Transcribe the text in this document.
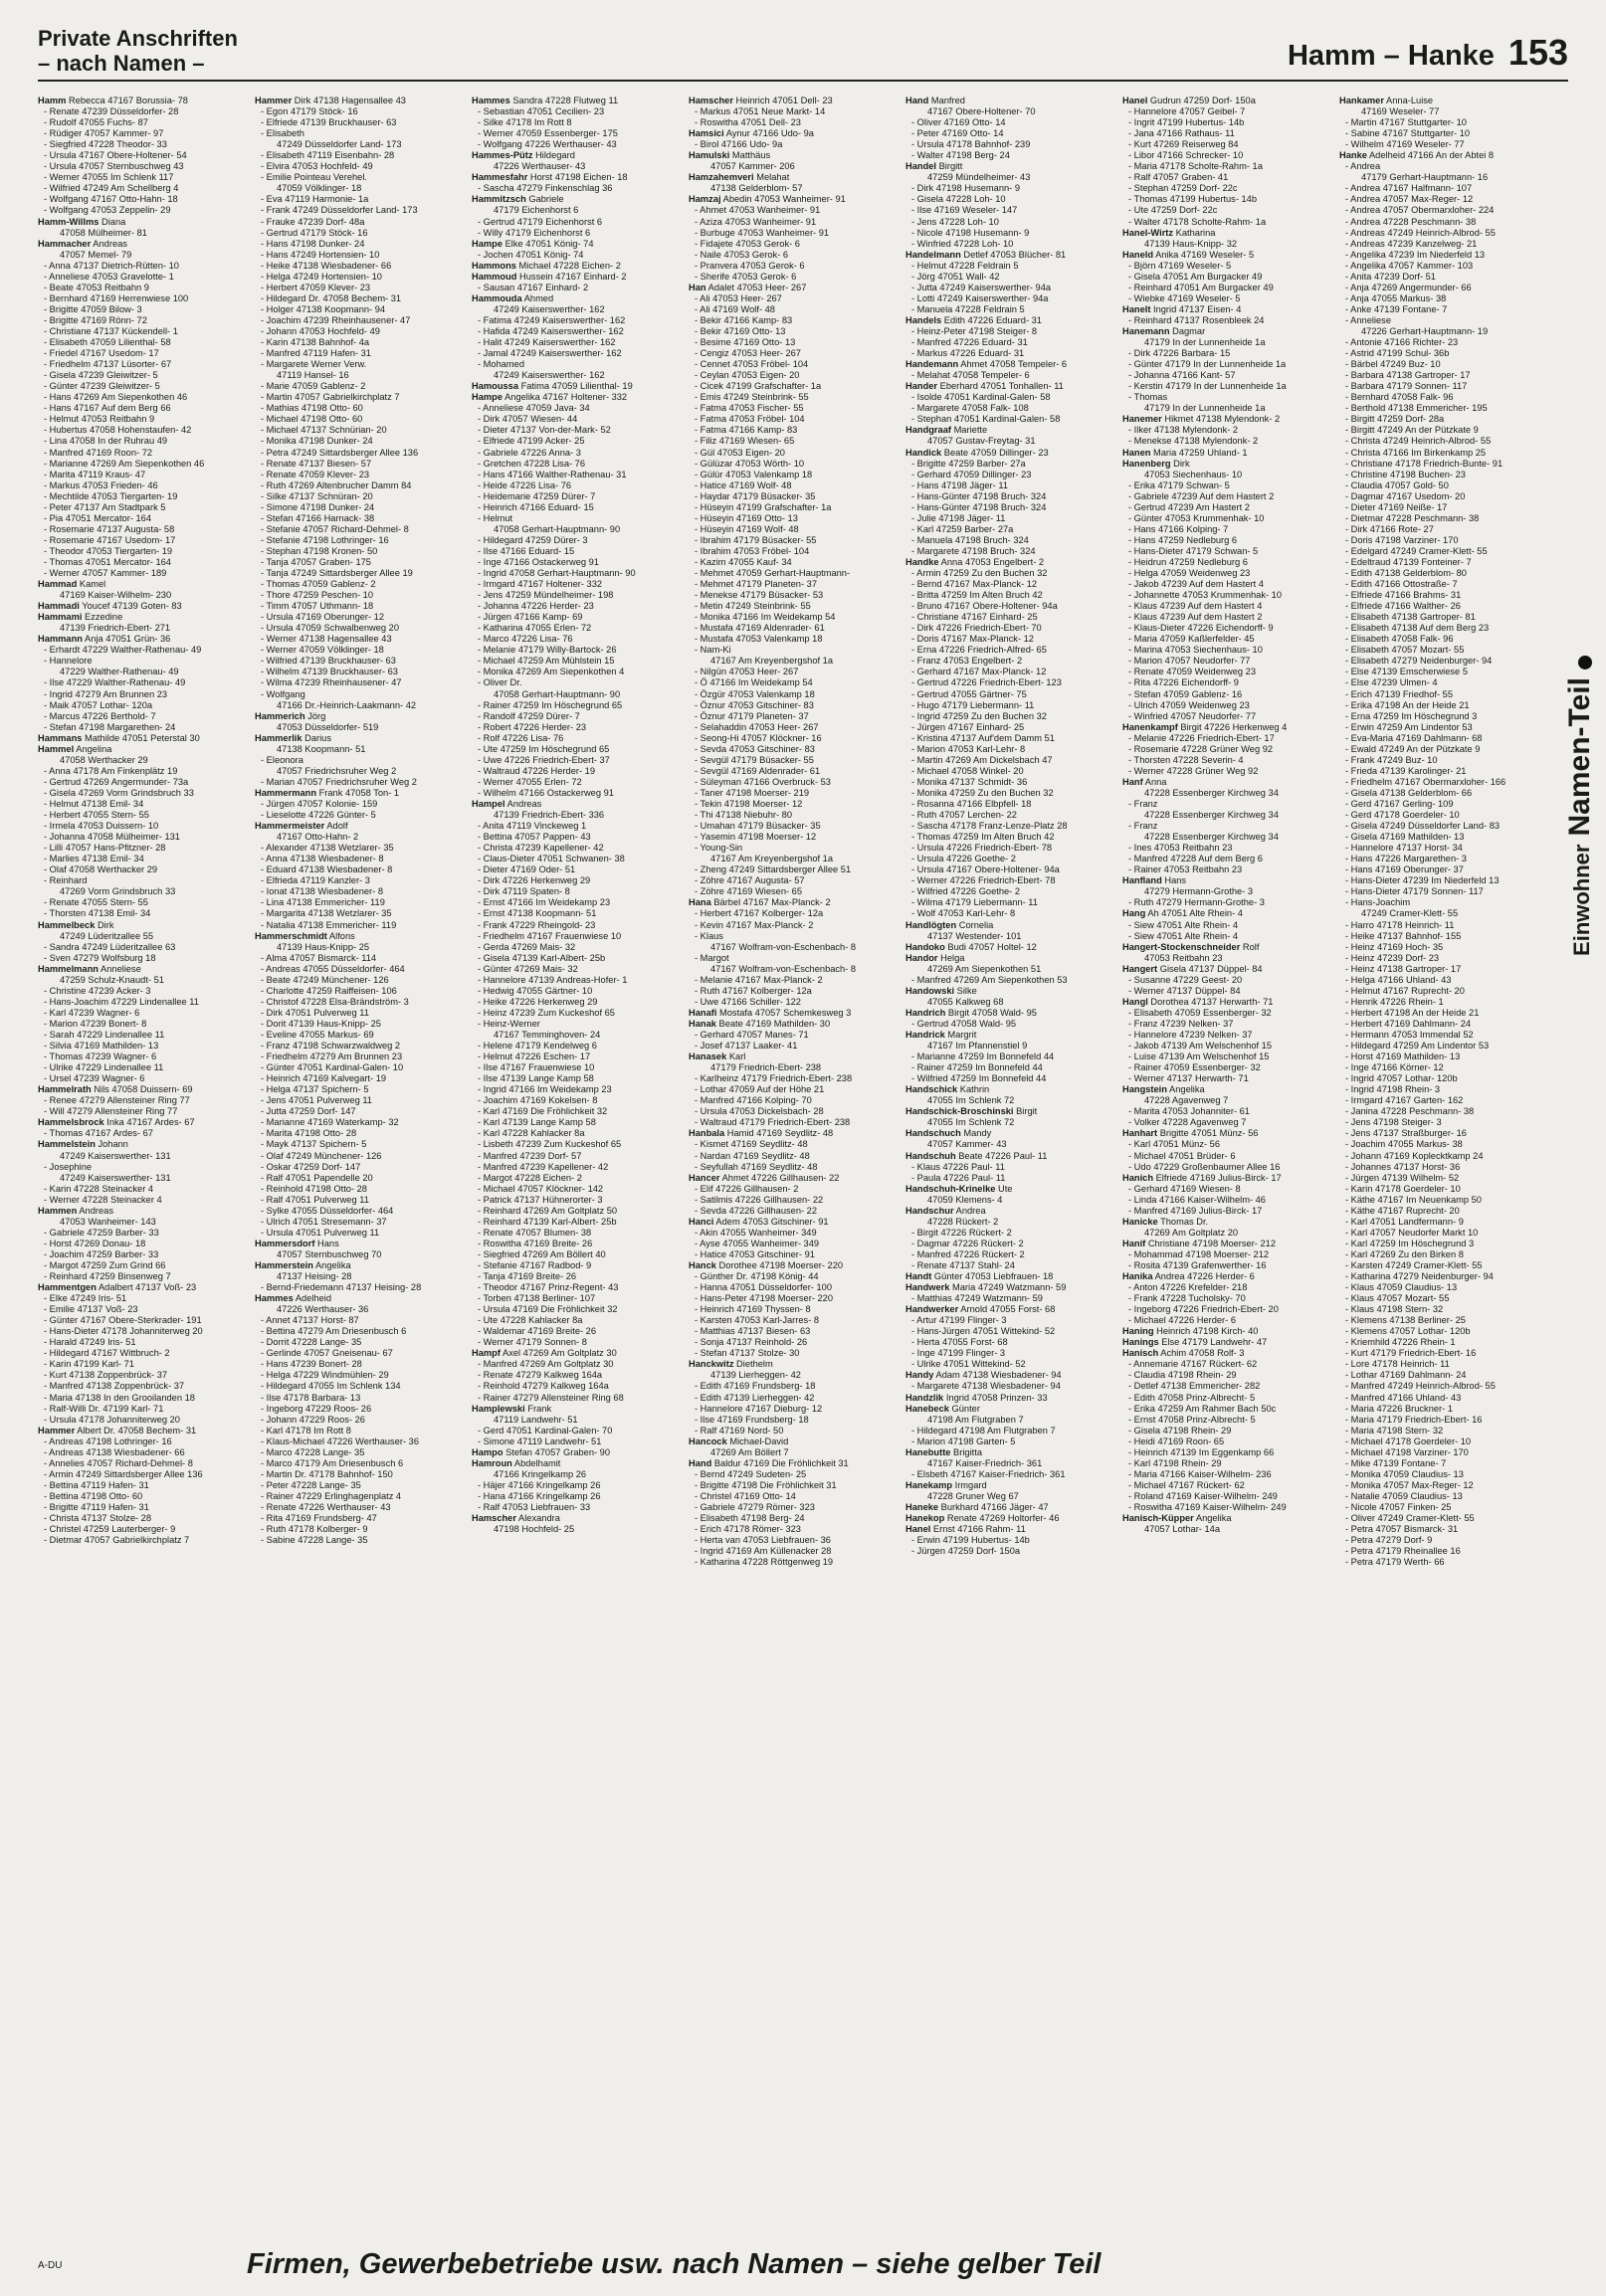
Private Anschriften
– nach Namen –	Hamm – Hanke 153
Hamm Rebecca 47167 Borussia- 78
- Renate 47239 Düsseldorfer- 28
- Rudolf 47055 Fuchs- 87
- Rüdiger 47057 Kammer- 97
- Siegfried 47228 Theodor- 33
- Ursula 47167 Obere-Holtener- 54
- Ursula 47057 Sternbuschweg 43
- Werner 47055 Im Schlenk 117
- Wilfried 47249 Am Schellberg 4
- Wolfgang 47167 Otto-Hahn- 18
- Wolfgang 47053 Zeppelin- 29
Hamm-Willms Diana
47058 Mülheimer- 81
Hammacher Andreas
47057 Memel- 79
- Anna 47137 Dietrich-Rütten- 10
- Anneliese 47053 Gravelotte- 1
- Beate 47053 Reitbahn 9
- Bernhard 47169 Herrenwiese 100
- Brigitte 47059 Bilow- 3
- Brigitte 47169 Rönn- 72
- Christiane 47137 Kückendell- 1
- Elisabeth 47059 Lilienthal- 58
- Friedel 47167 Usedom- 17
- Friedhelm 47137 Lüsorter- 67
- Gisela 47239 Gleiwitzer- 5
- Günter 47239 Gleiwitzer- 5
- Hans 47269 Am Siepenkothen 46
- Hans 47167 Auf dem Berg 66
- Helmut 47053 Reitbahn 9
- Hubertus 47058 Hohenstaufen- 42
- Lina 47058 In der Ruhrau 49
- Manfred 47169 Roon- 72
- Marianne 47269 Am Siepenkothen 46
- Marita 47119 Kraus- 47
- Markus 47053 Frieden- 46
- Mechtilde 47053 Tiergarten- 19
- Peter 47137 Am Stadtpark 5
- Pia 47051 Mercator- 164
- Rosemarie 47137 Augusta- 58
- Rosemarie 47167 Usedom- 17
- Theodor 47053 Tiergarten- 19
- Thomas 47051 Mercator- 164
- Werner 47057 Kammer- 189
Hammad Kamel
47169 Kaiser-Wilhelm- 230
Hammadi Youcef 47139 Goten- 83
Hammami Ezzedine
47139 Friedrich-Ebert- 271
Hammann Anja 47051 Grün- 36
- Erhardt 47229 Walther-Rathenau- 49
- Hannelore
47229 Walther-Rathenau- 49
- Ilse 47229 Walther-Rathenau- 49
- Ingrid 47279 Am Brunnen 23
- Maik 47057 Lothar- 120a
- Marcus 47226 Berthold- 7
- Stefan 47198 Margarethen- 24
Hammans Mathilde 47051 Peterstal 30
Hammel Angelina
47058 Werthacker 29
- Anna 47178 Am Finkenplätz 19
- Gertrud 47269 Angermunder- 73a
- Gisela 47269 Vorm Grindsbruch 33
- Helmut 47138 Emil- 34
- Herbert 47055 Stern- 55
- Irmela 47053 Duissern- 10
- Johanna 47058 Mülheimer- 131
- Lilli 47057 Hans-Pfitzner- 28
- Marlies 47138 Emil- 34
- Olaf 47058 Werthacker 29
- Reinhard
47269 Vorm Grindsbruch 33
- Renate 47055 Stern- 55
- Thorsten 47138 Emil- 34
Hammelbeck Dirk
47249 Lüderitzallee 55
- Sandra 47249 Lüderitzallee 63
- Sven 47279 Wolfsburg 18
Hammelmann Anneliese
47259 Schulz-Knaudt- 51
- Christine 47239 Acker- 3
- Hans-Joachim 47229 Lindenallee 11
- Karl 47239 Wagner- 6
- Marion 47239 Bonert- 8
- Sarah 47229 Lindenallee 11
- Silvia 47169 Mathilden- 13
- Thomas 47239 Wagner- 6
- Ulrike 47229 Lindenallee 11
- Ursel 47239 Wagner- 6
Hammelrath Nils 47058 Duissern- 69
- Renee 47279 Allensteiner Ring 77
- Will 47279 Allensteiner Ring 77
Hammelsbrock Inka 47167 Ardes- 67
- Thomas 47167 Ardes- 67
Hammelstein Johann
47249 Kaiserswerther- 131
- Josephine
47249 Kaiserswerther- 131
- Karin 47228 Steinacker 4
- Werner 47228 Steinacker 4
Hammen Andreas
47053 Wanheimer- 143
- Gabriele 47259 Barber- 33
- Horst 47269 Donau- 18
- Joachim 47259 Barber- 33
- Margot 47259 Zum Grind 66
- Reinhard 47259 Binsenweg 7
Hammentgen Adalbert 47137 Voß- 23
- Elke 47249 Iris- 51
- Emilie 47137 Voß- 23
- Günter 47167 Obere-Sterkrader- 191
- Hans-Dieter 47178 Johanniterweg 20
- Harald 47249 Iris- 51
- Hildegard 47167 Wittbruch- 2
- Karin 47199 Karl- 71
- Kurt 47138 Zoppenbrück- 37
- Manfred 47138 Zoppenbrück- 37
- Maria 47138 In den Grooilanden 18
- Ralf-Willi Dr. 47199 Karl- 71
- Ursula 47178 Johanniterweg 20
Hammer Albert Dr. 47058 Bechem- 31
- Andreas 47198 Lothringer- 16
- Andreas 47138 Wiesbadener- 66
- Annelies 47057 Richard-Dehmel- 8
- Armin 47249 Sittardsberger Allee 136
- Bettina 47119 Hafen- 31
- Bettina 47198 Otto- 60
- Brigitte 47119 Hafen- 31
- Christa 47137 Stolze- 28
- Christel 47259 Lauterberger- 9
- Dietmar 47057 Gabrielkirchplatz 7
Hammer Dirk 47138 Hagensallee 43
- Egon 47179 Stöck- 16
- Elfriede 47139 Bruckhauser- 63
- Elisabeth
47249 Düsseldorfer Land- 173
- Elisabeth 47119 Eisenbahn- 28
- Elvira 47053 Hochfeld- 49
- Emilie Pointeau Verehel.
47059 Völklinger- 18
- Eva 47119 Harmonie- 1a
- Frank 47249 Düsseldorfer Land- 173
- Frauke 47239 Dorf- 48a
- Gertrud 47179 Stöck- 16
- Hans 47198 Dunker- 24
- Hans 47249 Hortensien- 10
- Heike 47138 Wiesbadener- 66
- Helga 47249 Hortensien- 10
- Herbert 47059 Klever- 23
- Hildegard Dr. 47058 Bechem- 31
- Holger 47138 Koopmann- 94
- Joachim 47239 Rheinhausener- 47
- Johann 47053 Hochfeld- 49
- Karin 47138 Bahnhof- 4a
- Manfred 47119 Hafen- 31
- Margarete Werner Verw.
47119 Hansel- 16
- Marie 47059 Gablenz- 2
- Martin 47057 Gabrielkirchplatz 7
- Mathias 47198 Otto- 60
- Michael 47198 Otto- 60
- Michael 47137 Schnürian- 20
- Monika 47198 Dunker- 24
- Petra 47249 Sittardsberger Allee 136
- Renate 47137 Biesen- 57
- Renate 47059 Klever- 23
- Ruth 47269 Altenbrucher Damm 84
- Silke 47137 Schnüran- 20
- Simone 47198 Dunker- 24
- Stefan 47166 Harnack- 38
- Stefanie 47057 Richard-Dehmel- 8
- Stefanie 47198 Lothringer- 16
- Stephan 47198 Kronen- 50
- Tanja 47057 Graben- 175
- Tanja 47249 Sittardsberger Allee 19
- Thomas 47059 Gablenz- 2
- Thore 47259 Peschen- 10
- Timm 47057 Uthmann- 18
- Ursula 47169 Oberunger- 12
- Ursula 47059 Schwalbenweg 20
- Werner 47138 Hagensallee 43
- Werner 47059 Völklinger- 18
- Wilfried 47139 Bruckhauser- 63
- Wilhelm 47139 Bruckhauser- 63
- Wilma 47239 Rheinhausener- 47
- Wolfgang
47166 Dr.-Heinrich-Laakmann- 42
Hammerich Jörg
47053 Düsseldorfer- 519
Hammerlik Darius
47138 Koopmann- 51
- Eleonora
47057 Friedrichsruher Weg 2
- Marian 47057 Friedrichsruher Weg 2
Hammermann Frank 47058 Ton- 1
- Jürgen 47057 Kolonie- 159
- Lieselotte 47226 Günter- 5
Hammermeister Adolf
47167 Otto-Hahn- 2
- Alexander 47138 Wetzlarer- 35
- Anna 47138 Wiesbadener- 8
- Eduard 47138 Wiesbadener- 8
- Elfrieda 47119 Kanzler- 3
- Ionat 47138 Wiesbadener- 8
- Lina 47138 Emmericher- 119
- Margarita 47138 Wetzlarer- 35
- Natalia 47138 Emmericher- 119
Hammerschmidt Alfons
47139 Haus-Knipp- 25
- Alma 47057 Bismarck- 114
- Andreas 47055 Düsseldorfer- 464
- Beate 47249 Münchener- 126
- Charlotte 47259 Raiffeisen- 106
- Christof 47228 Elsa-Brändström- 3
- Dirk 47051 Pulverweg 11
- Dorit 47139 Haus-Knipp- 25
- Eveline 47055 Markus- 69
- Franz 47198 Schwarzwaldweg 2
- Friedhelm 47279 Am Brunnen 23
- Günter 47051 Kardinal-Galen- 10
- Heinrich 47169 Kalvegart- 19
- Helga 47137 Spichern- 5
- Jens 47051 Pulverweg 11
- Jutta 47259 Dorf- 147
- Marianne 47169 Waterkamp- 32
- Marita 47198 Otto- 28
- Mayk 47137 Spichern- 5
- Olaf 47249 Münchener- 126
- Oskar 47259 Dorf- 147
- Ralf 47051 Papendelle 20
- Reinhold 47198 Otto- 28
- Ralf 47051 Pulverweg 11
- Sylke 47055 Düsseldorfer- 464
- Ulrich 47051 Stresemann- 37
- Ursula 47051 Pulverweg 11
Hammersdorf Hans
47057 Sternbuschweg 70
Hammerstein Angelika
47137 Heising- 28
- Bernd-Friedemann 47137 Heising- 28
Hammes Adelheid
47226 Werthauser- 36
- Annet 47137 Horst- 87
- Bettina 47279 Am Driesenbusch 6
- Dorrit 47228 Lange- 35
- Gerlinde 47057 Gneisenau- 67
- Hans 47239 Bonert- 28
- Helga 47229 Windmühlen- 29
- Hildegard 47055 Im Schlenk 134
- Ilse 47178 Barbara- 13
- Ingeborg 47229 Roos- 26
- Johann 47229 Roos- 26
- Karl 47178 Im Rott 8
- Klaus-Michael 47226 Werthauser- 36
- Marco 47228 Lange- 35
- Marco 47179 Am Driesenbusch 6
- Martin Dr. 47178 Bahnhof- 150
- Peter 47228 Lange- 35
- Rainer 47229 Erlinghagenplatz 4
- Renate 47226 Werthauser- 43
- Rita 47169 Frundsberg- 47
- Ruth 47178 Kolberger- 9
- Sabine 47228 Lange- 35
Hammes Sandra 47228 Flutweg 11
- Sebastian 47051 Cecilien- 23
- Silke 47178 Im Rott 8
- Werner 47059 Essenberger- 175
- Wolfgang 47226 Werthauser- 43
Hammes-Pütz Hildegard
47226 Werthauser- 43
Hammesfahr Horst 47198 Eichen- 18
- Sascha 47279 Finkenschlag 36
Hammitzsch Gabriele
47179 Eichenhorst 6
- Gertrud 47179 Eichenhorst 6
- Willy 47179 Eichenhorst 6
Hampe Elke 47051 König- 74
- Jochen 47051 König- 74
Hammons Michael 47228 Eichen- 2
Hammoud Hussein 47167 Einhard- 2
- Sausan 47167 Einhard- 2
Hammouda Ahmed
47249 Kaiserswerther- 162
- Fatima 47249 Kaiserswerther- 162
- Hafida 47249 Kaiserswerther- 162
- Halit 47249 Kaiserswerther- 162
- Jamal 47249 Kaiserswerther- 162
- Mohamed
47249 Kaiserswerther- 162
Hamoussa Fatima 47059 Lilienthal- 19
Hampe Angelika 47167 Holtener- 332
- Anneliese 47059 Java- 34
- Dirk 47057 Wiesen- 44
- Dieter 47137 Von-der-Mark- 52
- Elfriede 47199 Acker- 25
- Gabriele 47226 Anna- 3
- Gretchen 47228 Lisa- 76
- Hans 47166 Walther-Rathenau- 31
- Heide 47226 Lisa- 76
- Heidemarie 47259 Dürer- 7
- Heinrich 47166 Eduard- 15
- Helmut
47058 Gerhart-Hauptmann- 90
- Hildegard 47259 Dürer- 3
- Ilse 47166 Eduard- 15
- Inge 47166 Ostackerweg 91
- Ingrid 47058 Gerhart-Hauptmann- 90
- Irmgard 47167 Holtener- 332
- Jens 47259 Mündelheimer- 198
- Johanna 47226 Herder- 23
- Jürgen 47166 Kamp- 69
- Katharina 47055 Erlen- 72
- Marco 47226 Lisa- 76
- Melanie 47179 Willy-Bartock- 26
- Michael 47259 Am Mühlstein 15
- Monika 47269 Am Siepenkothen 4
- Oliver Dr.
47058 Gerhart-Hauptmann- 90
- Rainer 47259 Im Höschegrund 65
- Randolf 47259 Dürer- 7
- Robert 47226 Herder- 23
- Rolf 47226 Lisa- 76
- Ute 47259 Im Höschegrund 65
- Uwe 47226 Friedrich-Ebert- 37
- Waltraud 47226 Herder- 19
- Werner 47055 Erlen- 72
- Wilhelm 47166 Ostackerweg 91
Hampel Andreas
47139 Friedrich-Ebert- 336
- Anita 47119 Vinckeweg 1
- Bettina 47057 Pappen- 43
- Christa 47239 Kapellener- 42
- Claus-Dieter 47051 Schwanen- 38
- Dieter 47169 Oder- 51
- Dirk 47226 Herkenweg 29
- Dirk 47119 Spaten- 8
- Ernst 47166 Im Weidekamp 23
- Ernst 47138 Koopmann- 51
- Frank 47229 Rheingold- 23
- Friedhelm 47167 Frauenwiese 10
- Gerda 47269 Mais- 32
- Gisela 47139 Karl-Albert- 25b
- Günter 47269 Mais- 32
- Hannelore 47139 Andreas-Hofer- 1
- Hedwig 47055 Gärtner- 10
- Heike 47226 Herkenweg 29
- Heinz 47239 Zum Kuckeshof 65
- Heinz-Werner
47167 Temminghoven- 24
- Helene 47179 Kendelweg 6
- Helmut 47226 Eschen- 17
- Ilse 47167 Frauenwiese 10
- Ilse 47139 Lange Kamp 58
- Ingrid 47166 Im Weidekamp 23
- Joachim 47169 Kokelsen- 8
- Karl 47169 Die Fröhlichkeit 32
- Karl 47139 Lange Kamp 58
- Karl 47228 Kahlacker 8a
- Lisbeth 47239 Zum Kuckeshof 65
- Manfred 47239 Dorf- 57
- Manfred 47239 Kapellener- 42
- Margot 47228 Eichen- 2
- Michael 47057 Klöckner- 142
- Patrick 47137 Hühnerorter- 3
- Reinhard 47269 Am Goltplatz 50
- Reinhard 47139 Karl-Albert- 25b
- Renate 47057 Blumen- 38
- Roswitha 47169 Breite- 26
- Siegfried 47269 Am Böllert 40
- Stefanie 47167 Radbod- 9
- Tanja 47169 Breite- 26
- Theodor 47167 Prinz-Regent- 43
- Torben 47138 Berliner- 107
- Ursula 47169 Die Fröhlichkeit 32
- Ute 47228 Kahlacker 8a
- Waldemar 47169 Breite- 26
- Werner 47179 Sonnen- 8
Hampf Axel 47269 Am Goltplatz 30
- Manfred 47269 Am Goltplatz 30
- Renate 47279 Kalkweg 164a
- Reinhold 47279 Kalkweg 164a
- Rainer 47279 Allensteiner Ring 68
Hamplewski Frank
47119 Landwehr- 51
- Gerd 47051 Kardinal-Galen- 70
- Simone 47119 Landwehr- 51
Hampo Stefan 47057 Graben- 90
Hamroun Abdelhamit
47166 Kringelkamp 26
- Häjer 47166 Kringelkamp 26
- Hana 47166 Kringelkamp 26
- Ralf 47053 Liebfrauen- 33
Hamscher Alexandra
47198 Hochfeld- 25
Hamscher Heinrich 47051 Dell- 23
- Markus 47051 Neue Markt- 14
- Roswitha 47051 Dell- 23
Hamsici Aynur 47166 Udo- 9a
- Birol 47166 Udo- 9a
Hamulski Matthäus
47057 Kammer- 206
Hamzahemveri Melahat
47138 Gelderblom- 57
Hamzaj Abedin 47053 Wanheimer- 91
- Ahmet 47053 Wanheimer- 91
- Aziza 47053 Wanheimer- 91
- Burbuge 47053 Wanheimer- 91
- Fidajete 47053 Gerok- 6
- Naile 47053 Gerok- 6
- Pranvera 47053 Gerok- 6
- Sherife 47053 Gerok- 6
Han Adalet 47053 Heer- 267
- Ali 47053 Heer- 267
- Ali 47169 Wolf- 48
- Bekir 47166 Kamp- 83
- Bekir 47169 Otto- 13
- Besime 47169 Otto- 13
- Cengiz 47053 Heer- 267
- Cennet 47053 Fröbel- 104
- Ceylan 47053 Eigen- 20
- Cicek 47199 Grafschafter- 1a
- Emis 47249 Steinbrink- 55
- Fatma 47053 Fischer- 55
- Fatma 47053 Fröbel- 104
- Fatma 47166 Kamp- 83
- Filiz 47169 Wiesen- 65
- Gül 47053 Eigen- 20
- Gülüzar 47053 Wörth- 10
- Gülür 47053 Valenkamp 18
- Hatice 47169 Wolf- 48
- Haydar 47179 Büsacker- 35
- Hüseyin 47199 Grafschafter- 1a
- Hüseyin 47169 Otto- 13
- Hüseyin 47169 Wolf- 48
- Ibrahim 47179 Büsacker- 55
- Ibrahim 47053 Fröbel- 104
- Kazim 47055 Kauf- 34
- Mehmet 47059 Gerhart-Hauptmann-
- Mehmet 47179 Planeten- 37
- Menekse 47179 Büsacker- 53
- Metin 47249 Steinbrink- 55
- Monika 47166 Im Weidekamp 54
- Mustafa 47169 Aldenrader- 61
- Mustafa 47053 Valenkamp 18
- Nam-Ki
47167 Am Kreyenbergshof 1a
- Nilgün 47053 Heer- 267
- Ö 47166 Im Weidekamp 54
- Özgür 47053 Valenkamp 18
- Öznur 47053 Gitschiner- 83
- Öznur 47179 Planeten- 37
- Selahaddin 47053 Heer- 267
- Seong-Hi 47057 Klöckner- 16
- Sevda 47053 Gitschiner- 83
- Sevgül 47179 Büsacker- 55
- Sevgül 47169 Aldenrader- 61
- Süleyman 47166 Overbruck- 53
- Taner 47198 Moerser- 219
- Tekin 47198 Moerser- 12
- Thi 47138 Niebuhr- 80
- Umahan 47179 Büsacker- 35
- Yasemin 47198 Moerser- 12
- Young-Sin
47167 Am Kreyenbergshof 1a
- Zheng 47249 Sittardsberger Allee 51
- Zöhre 47167 Augusta- 57
- Zöhre 47169 Wiesen- 65
Hana Bärbel 47167 Max-Planck- 2
- Herbert 47167 Kolberger- 12a
- Kevin 47167 Max-Planck- 2
- Klaus
47167 Wolfram-von-Eschenbach- 8
- Margot
47167 Wolfram-von-Eschenbach- 8
- Melanie 47167 Max-Planck- 2
- Ruth 47167 Kolberger- 12a
- Uwe 47166 Schiller- 122
Hanafi Mostafa 47057 Schemkesweg 3
Hanak Beate 47169 Mathilden- 30
- Gerhard 47057 Manes- 71
- Josef 47137 Laaker- 41
Hanasek Karl
47179 Friedrich-Ebert- 238
- Karlheinz 47179 Friedrich-Ebert- 238
- Lothar 47059 Auf der Höhe 21
- Manfred 47166 Kolping- 70
- Ursula 47053 Dickelsbach- 28
- Waltraud 47179 Friedrich-Ebert- 238
Hanbala Hamid 47169 Seydlitz- 48
- Kismet 47169 Seydlitz- 48
- Nardan 47169 Seydlitz- 48
- Seyfullah 47169 Seydlitz- 48
Hancer Ahmet 47226 Gillhausen- 22
- Elif 47226 Gillhausen- 2
- Satilmis 47226 Gillhausen- 22
- Sevda 47226 Gillhausen- 22
Hanci Adem 47053 Gitschiner- 91
- Akin 47055 Wanheimer- 349
- Ayse 47055 Wanheimer- 349
- Hatice 47053 Gitschiner- 91
Hanck Dorothee 47198 Moerser- 220
- Günther Dr. 47198 König- 44
- Hanna 47051 Düsseldorfer- 100
- Hans-Peter 47198 Moerser- 220
- Heinrich 47169 Thyssen- 8
- Karsten 47053 Karl-Jarres- 8
- Matthias 47137 Biesen- 63
- Sonja 47137 Reinhold- 26
- Stefan 47137 Stolze- 30
Hanckwitz Diethelm
47139 Lierheggen- 42
- Edith 47169 Frundsberg- 18
- Edith 47139 Lierheggen- 42
- Hannelore 47167 Dieburg- 12
- Ilse 47169 Frundsberg- 18
- Ralf 47169 Nord- 50
Hancock Michael-David
47269 Am Böllert 7
Hand Baldur 47169 Die Fröhlichkeit 31
- Bernd 47249 Sudeten- 25
- Brigitte 47198 Die Fröhlichkeit 31
- Christel 47169 Otto- 14
- Gabriele 47279 Römer- 323
- Elisabeth 47198 Berg- 24
- Erich 47178 Römer- 323
- Herta van 47053 Liebfrauen- 36
- Ingrid 47169 Am Küllenacker 28
- Katharina 47228 Röttgenweg 19
Hand Manfred
47167 Obere-Holtener- 70
- Oliver 47169 Otto- 14
- Peter 47169 Otto- 14
- Ursula 47178 Bahnhof- 239
- Walter 47198 Berg- 24
Handel Birgitt
47259 Mündelheimer- 43
- Dirk 47198 Husemann- 9
- Gisela 47228 Loh- 10
- Ilse 47169 Weseler- 147
- Jens 47228 Loh- 10
- Nicole 47198 Husemann- 9
- Winfried 47228 Loh- 10
Handelmann Detlef 47053 Blücher- 81
- Helmut 47228 Feldrain 5
- Jörg 47051 Wall- 42
- Jutta 47249 Kaiserswerther- 94a
- Lotti 47249 Kaiserswerther- 94a
- Manuela 47228 Feldrain 5
Handels Edith 47226 Eduard- 31
- Heinz-Peter 47198 Steiger- 8
- Manfred 47226 Eduard- 31
- Markus 47226 Eduard- 31
Handemann Ahmet 47058 Tempeler- 6
- Melahat 47058 Tempeler- 6
Hander Eberhard 47051 Tonhallen- 11
- Isolde 47051 Kardinal-Galen- 58
- Margarete 47058 Falk- 108
- Stephan 47051 Kardinal-Galen- 58
Handgraaf Mariette
47057 Gustav-Freytag- 31
Handick Beate 47059 Dillinger- 23
- Brigitte 47259 Barber- 27a
- Gerhard 47059 Dillinger- 23
- Hans 47198 Jäger- 11
- Hans-Günter 47198 Bruch- 324
- Hans-Günter 47198 Bruch- 324
- Julie 47198 Jäger- 11
- Karl 47259 Barber- 27a
- Manuela 47198 Bruch- 324
- Margarete 47198 Bruch- 324
Handke Anna 47053 Engelbert- 2
- Armin 47259 Zu den Buchen 32
- Bernd 47167 Max-Planck- 12
- Britta 47259 Im Alten Bruch 42
- Bruno 47167 Obere-Holtener- 94a
- Christiane 47167 Einhard- 25
- Dirk 47226 Friedrich-Ebert- 70
- Doris 47167 Max-Planck- 12
- Erna 47226 Friedrich-Alfred- 65
- Franz 47053 Engelbert- 2
- Gerhard 47167 Max-Planck- 12
- Gertrud 47226 Friedrich-Ebert- 123
- Gertrud 47055 Gärtner- 75
- Hugo 47179 Liebermann- 11
- Ingrid 47259 Zu den Buchen 32
- Jürgen 47167 Einhard- 25
- Kristina 47137 Auf'dem Damm 51
- Marion 47053 Karl-Lehr- 8
- Martin 47269 Am Dickelsbach 47
- Michael 47058 Winkel- 20
- Monika 47137 Schmidt- 36
- Monika 47259 Zu den Buchen 32
- Rosanna 47166 Elbpfell- 18
- Ruth 47057 Lerchen- 22
- Sascha 47178 Franz-Lenze-Platz 28
- Thomas 47259 Im Alten Bruch 42
- Ursula 47226 Friedrich-Ebert- 78
- Ursula 47226 Goethe- 2
- Ursula 47167 Obere-Holtener- 94a
- Werner 47226 Friedrich-Ebert- 78
- Wilfried 47226 Goethe- 2
- Wilma 47179 Liebermann- 11
- Wolf 47053 Karl-Lehr- 8
Handlögten Cornelia
47137 Westender- 101
Handoko Budi 47057 Holtel- 12
Handor Helga
47269 Am Siepenkothen 51
- Manfred 47269 Am Siepenkothen 53
Handowski Silke
47055 Kalkweg 68
Handrich Birgit 47058 Wald- 95
- Gertrud 47058 Wald- 95
Handrick Margrit
47167 Im Pfannenstiel 9
- Marianne 47259 Im Bonnefeld 44
- Rainer 47259 Im Bonnefeld 44
- Wilfried 47259 Im Bonnefeld 44
Handschick Kathrin
47055 Im Schlenk 72
Handschick-Broschinski Birgit
47055 Im Schlenk 72
Handschuch Mandy
47057 Kammer- 43
Handschuh Beate 47226 Paul- 11
- Klaus 47226 Paul- 11
- Paula 47226 Paul- 11
Handschuh-Krinelke Ute
47059 Klemens- 4
Handschur Andrea
47228 Rückert- 2
- Birgit 47226 Rückert- 2
- Dagmar 47226 Rückert- 2
- Manfred 47226 Rückert- 2
- Renate 47137 Stahl- 24
Handt Günter 47053 Liebfrauen- 18
Handwerk Maria 47249 Watzmann- 59
- Matthias 47249 Watzmann- 59
Handwerker Arnold 47055 Forst- 68
- Artur 47199 Flinger- 3
- Hans-Jürgen 47051 Wittekind- 52
- Herta 47055 Forst- 68
- Inge 47199 Flinger- 3
- Ulrike 47051 Wittekind- 52
Handy Adam 47138 Wiesbadener- 94
- Margarete 47138 Wiesbadener- 94
Handzlik Ingrid 47058 Prinzen- 33
Hanebeck Günter
47198 Am Flutgraben 7
- Hildegard 47198 Am Flutgraben 7
- Marion 47198 Garten- 5
Hanebutte Brigitta
47167 Kaiser-Friedrich- 361
- Elsbeth 47167 Kaiser-Friedrich- 361
Hanekamp Irmgard
47228 Gruner Weg 67
Haneke Burkhard 47166 Jäger- 47
Hanekop Renate 47269 Holtorfer- 46
Hanel Ernst 47166 Rahm- 11
- Erwin 47199 Hubertus- 14b
- Jürgen 47259 Dorf- 150a
Hanel Gudrun 47259 Dorf- 150a
- Hannelore 47057 Geibel- 7
- Ingrit 47199 Hubertus- 14b
- Jana 47166 Rathaus- 11
- Kurt 47269 Reiserweg 84
- Libor 47166 Schrecker- 10
- Maria 47178 Scholte-Rahm- 1a
- Ralf 47057 Graben- 41
- Stephan 47259 Dorf- 22c
- Thomas 47199 Hubertus- 14b
- Ute 47259 Dorf- 22c
- Walter 47178 Scholte-Rahm- 1a
Hanel-Wirtz Katharina
47139 Haus-Knipp- 32
Haneld Anika 47169 Weseler- 5
- Björn 47169 Weseler- 5
- Gisela 47051 Am Burgacker 49
- Reinhard 47051 Am Burgacker 49
- Wiebke 47169 Weseler- 5
Hanelt Ingrid 47137 Eisen- 4
- Reinhard 47137 Rosenbleek 24
Hanemann Dagmar
47179 In der Lunnenheide 1a
- Dirk 47226 Barbara- 15
- Günter 47179 In der Lunnenheide 1a
- Johanna 47166 Kant- 57
- Kerstin 47179 In der Lunnenheide 1a
- Thomas
47179 In der Lunnenheide 1a
Hanemer Hikmet 47138 Mylendonk- 2
- Ilker 47138 Mylendonk- 2
- Menekse 47138 Mylendonk- 2
Hanen Maria 47259 Uhland- 1
Hanenberg Dirk
47053 Siechenhaus- 10
- Erika 47179 Schwan- 5
- Gabriele 47239 Auf dem Hastert 2
- Gertrud 47239 Am Hastert 2
- Günter 47053 Krummenhak- 10
- Hans 47166 Kolping- 7
- Hans 47259 Nedleburg 6
- Hans-Dieter 47179 Schwan- 5
- Heidrun 47259 Nedleburg 6
- Helga 47059 Weidenweg 23
- Jakob 47239 Auf dem Hastert 4
- Johannette 47053 Krummenhak- 10
- Klaus 47239 Auf dem Hastert 4
- Klaus 47239 Auf dem Hastert 2
- Klaus-Dieter 47226 Eichendorff- 9
- Maria 47059 Kaßlerfelder- 45
- Marina 47053 Siechenhaus- 10
- Marion 47057 Neudorfer- 77
- Renate 47059 Weidenweg 23
- Rita 47226 Eichendorff- 9
- Stefan 47059 Gablenz- 16
- Ulrich 47059 Weidenweg 23
- Winfried 47057 Neudorfer- 77
Hanenkampf Birgit 47226 Herkenweg 4
- Melanie 47226 Friedrich-Ebert- 17
- Rosemarie 47228 Grüner Weg 92
- Thorsten 47228 Severin- 4
- Werner 47228 Grüner Weg 92
Hanf Anna
47228 Essenberger Kirchweg 34
- Franz
47228 Essenberger Kirchweg 34
- Franz
47228 Essenberger Kirchweg 34
- Ines 47053 Reitbahn 23
- Manfred 47228 Auf dem Berg 6
- Rainer 47053 Reitbahn 23
Hanfland Hans
47279 Hermann-Grothe- 3
- Ruth 47279 Hermann-Grothe- 3
Hang Ah 47051 Alte Rhein- 4
- Siew 47051 Alte Rhein- 4
- Siew 47051 Alte Rhein- 4
Hangert-Stockenschneider Rolf
47053 Reitbahn 23
Hangert Gisela 47137 Düppel- 84
- Susanne 47229 Geest- 20
- Werner 47137 Düppel- 84
Hangl Dorothea 47137 Herwarth- 71
- Elisabeth 47059 Essenberger- 32
- Franz 47239 Nelken- 37
- Hannelore 47239 Nelken- 37
- Jakob 47139 Am Welschenhof 15
- Luise 47139 Am Welschenhof 15
- Rainer 47059 Essenberger- 32
- Werner 47137 Herwarth- 71
Hangstein Angelika
47228 Agavenweg 7
- Marita 47053 Johanniter- 61
- Volker 47228 Agavenweg 7
Hanhart Brigitte 47051 Münz- 56
- Karl 47051 Münz- 56
- Michael 47051 Brüder- 6
- Udo 47229 Großenbaumer Allee 16
Hanich Elfriede 47169 Julius-Birck- 17
- Gerhard 47169 Wiesen- 8
- Linda 47166 Kaiser-Wilhelm- 46
- Manfred 47169 Julius-Birck- 17
Hanicke Thomas Dr.
47269 Am Goltplatz 20
Hanif Christiane 47198 Moerser- 212
- Mohammad 47198 Moerser- 212
- Rosita 47139 Grafenwerther- 16
Hanika Andrea 47226 Herder- 6
- Anton 47226 Krefelder- 218
- Frank 47228 Tucholsky- 70
- Ingeborg 47226 Friedrich-Ebert- 20
- Michael 47226 Herder- 6
Haning Heinrich 47198 Kirch- 40
Hanings Else 47179 Landwehr- 47
Hanisch Achim 47058 Rolf- 3
- Annemarie 47167 Rückert- 62
- Claudia 47198 Rhein- 29
- Detlef 47138 Emmericher- 282
- Edith 47058 Prinz-Albrecht- 5
- Erika 47259 Am Rahmer Bach 50c
- Ernst 47058 Prinz-Albrecht- 5
- Gisela 47198 Rhein- 29
- Heidi 47169 Roon- 65
- Heinrich 47139 Im Eggenkamp 66
- Karl 47198 Rhein- 29
- Maria 47166 Kaiser-Wilhelm- 236
- Michael 47167 Rückert- 62
- Roland 47169 Kaiser-Wilhelm- 249
- Roswitha 47169 Kaiser-Wilhelm- 249
Hanisch-Küpper Angelika
47057 Lothar- 14a
Hankamer Anna-Luise
47169 Weseler- 77
- Martin 47167 Stuttgarter- 10
- Sabine 47167 Stuttgarter- 10
- Wilhelm 47169 Weseler- 77
Hanke Adelheid 47166 An der Abtei 8
- Andrea
47179 Gerhart-Hauptmann- 16
- Andrea 47167 Halfmann- 107
- Andrea 47057 Max-Reger- 12
- Andrea 47057 Obermarxloher- 224
- Andrea 47228 Peschmann- 38
- Andreas 47249 Heinrich-Albrod- 55
- Andreas 47239 Kanzelweg- 21
- Angelika 47239 Im Niederfeld 13
- Angelika 47057 Kammer- 103
- Anita 47239 Dorf- 51
- Anja 47269 Angermunder- 66
- Anja 47055 Markus- 38
- Anke 47139 Fontane- 7
- Anneliese
47226 Gerhart-Hauptmann- 19
- Antonie 47166 Richter- 23
- Astrid 47199 Schul- 36b
- Bärbel 47249 Buz- 10
- Barbara 47138 Gartroper- 17
- Barbara 47179 Sonnen- 117
- Bernhard 47058 Falk- 96
- Berthold 47138 Emmericher- 195
- Birgitt 47259 Dorf- 28a
- Birgitt 47249 An der Pützkate 9
- Christa 47249 Heinrich-Albrod- 55
- Christa 47166 Im Birkenkamp 25
- Christiane 47178 Friedrich-Bunte- 91
- Christine 47198 Buchen- 23
- Claudia 47057 Gold- 50
- Dagmar 47167 Usedom- 20
- Dieter 47169 Neiße- 17
- Dietmar 47228 Peschmann- 38
- Dirk 47166 Rote- 27
- Doris 47198 Varziner- 170
- Edelgard 47249 Cramer-Klett- 55
- Edeltraud 47139 Fonteiner- 7
- Edith 47138 Gelderblom- 80
- Edith 47166 Ottostraße- 7
- Elfriede 47166 Brahms- 31
- Elfriede 47166 Walther- 26
- Elisabeth 47138 Gartroper- 81
- Elisabeth 47138 Auf dem Berg 23
- Elisabeth 47058 Falk- 96
- Elisabeth 47057 Mozart- 55
- Elisabeth 47279 Neidenburger- 94
- Else 47139 Emscherwiese 5
- Else 47239 Ulmen- 4
- Erich 47139 Friedhof- 55
- Erika 47198 An der Heide 21
- Erna 47259 Im Höschegrund 3
- Erwin 47259 Am Lindentor 53
- Eva-Maria 47169 Dahlmann- 68
- Ewald 47249 An der Pützkate 9
- Frank 47249 Buz- 10
- Frieda 47139 Karolinger- 21
- Friedhelm 47167 Obermarxloher- 166
- Gisela 47138 Gelderblom- 66
- Gerd 47167 Gerling- 109
- Gerd 47178 Goerdeler- 10
- Gisela 47249 Düsseldorfer Land- 83
- Gisela 47169 Mathilden- 13
- Hannelore 47137 Horst- 34
- Hans 47226 Margarethen- 3
- Hans 47169 Oberunger- 37
- Hans-Dieter 47239 Im Niederfeld 13
- Hans-Dieter 47179 Sonnen- 117
- Hans-Joachim
47249 Cramer-Klett- 55
- Harro 47178 Heinrich- 11
- Heike 47137 Bahnhof- 155
- Heinz 47169 Hoch- 35
- Heinz 47239 Dorf- 23
- Heinz 47138 Gartroper- 17
- Helga 47166 Uhland- 43
- Helmut 47167 Ruprecht- 20
- Henrik 47226 Rhein- 1
- Herbert 47198 An der Heide 21
- Herbert 47169 Dahlmann- 24
- Hermann 47053 Immendal 52
- Hildegard 47259 Am Lindentor 53
- Horst 47169 Mathilden- 13
- Inge 47166 Körner- 12
- Ingrid 47057 Lothar- 120b
- Ingrid 47198 Rhein- 3
- Irmgard 47167 Garten- 162
- Janina 47228 Peschmann- 38
- Jens 47198 Steiger- 3
- Jens 47137 Straßburger- 16
- Joachim 47055 Markus- 38
- Johann 47169 Koplecktkamp 24
- Johannes 47137 Horst- 36
- Jürgen 47139 Wilhelm- 52
- Karin 47178 Goerdeler- 10
- Käthe 47167 Im Neuenkamp 50
- Käthe 47167 Ruprecht- 20
- Karl 47051 Landfermann- 9
- Karl 47057 Neudorfer Markt 10
- Karl 47259 Im Höschegrund 3
- Karl 47269 Zu den Birken 8
- Karsten 47249 Cramer-Klett- 55
- Katharina 47279 Neidenburger- 94
- Klaus 47059 Claudius- 13
- Klaus 47057 Mozart- 55
- Klaus 47198 Stern- 32
- Klemens 47138 Berliner- 25
- Klemens 47057 Lothar- 120b
- Kriemhild 47226 Rhein- 1
- Kurt 47179 Friedrich-Ebert- 16
- Lore 47178 Heinrich- 11
- Lothar 47169 Dahlmann- 24
- Manfred 47249 Heinrich-Albrod- 55
- Manfred 47166 Uhland- 43
- Maria 47226 Bruckner- 1
- Maria 47179 Friedrich-Ebert- 16
- Maria 47198 Stern- 32
- Michael 47178 Goerdeler- 10
- Michael 47198 Varziner- 170
- Mike 47139 Fontane- 7
- Monika 47059 Claudius- 13
- Monika 47057 Max-Reger- 12
- Natalie 47059 Claudius- 13
- Nicole 47057 Finken- 25
- Oliver 47249 Cramer-Klett- 55
- Petra 47057 Bismarck- 31
- Petra 47279 Dorf- 9
- Petra 47179 Rheinallee 16
- Petra 47179 Werth- 66
EinwohnerNamen-Teil
A-DU	Firmen, Gewerbebetriebe usw. nach Namen – siehe gelber Teil
